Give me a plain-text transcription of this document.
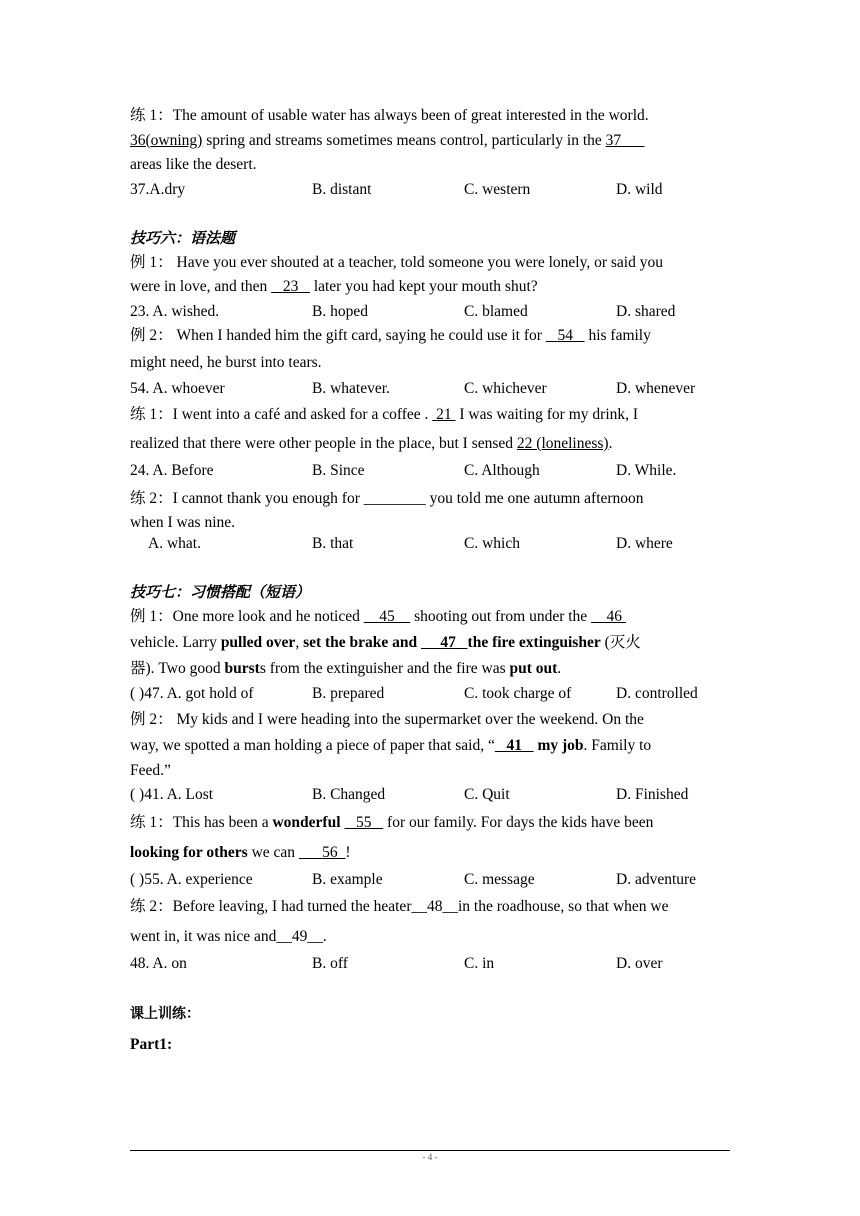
练 1：The amount of usable water has always been of great interested in the world.
36(owning) spring and streams sometimes means control, particularly in the 37
areas like the desert.
37.A.dry	B. distant	C. western	D. wild
技巧六：语法题
例 1： Have you ever shouted at a teacher, told someone you were lonely, or said you
were in love, and then    23    later you had kept your mouth shut?
23. A. wished.	B. hoped	C. blamed	D. shared
例 2： When I handed him the gift card, saying he could use it for    54    his family
might need, he burst into tears.
54. A. whoever	B. whatever.	C. whichever	D. whenever
练 1：I went into a café and asked for a coffee .  21  I was waiting for my drink, I
realized that there were other people in the place, but I sensed 22 (loneliness).
24. A. Before	B. Since	C. Although	D. While.
练 2：I cannot thank you enough for ________ you told me one autumn afternoon
when I was nine.
A. what.	B. that	C. which	D. where
技巧七：习惯搭配（短语）
例 1：One more look and he noticed     45     shooting out from under the     46
vehicle. Larry pulled over, set the brake and      47 the fire extinguisher (灭火
器). Two good bursts from the extinguisher and the fire was put out.
( )47. A. got hold of	B. prepared	C. took charge of	D. controlled
例 2： My kids and I were heading into the supermarket over the weekend. On the
way, we spotted a man holding a piece of paper that said, “ 41    my job. Family to
Feed.”
( )41. A. Lost	B. Changed	C. Quit	D. Finished
练 1：This has been a wonderful 55    for our family. For days the kids have been
looking for others we can       56 !
( )55. A. experience	B. example	C. message	D. adventure
练 2：Before leaving, I had turned the heater__48__in the roadhouse, so that when we
went in, it was nice and__49__.
48. A. on	B. off	C. in	D. over
课上训练：
Part1:
- 4 -
